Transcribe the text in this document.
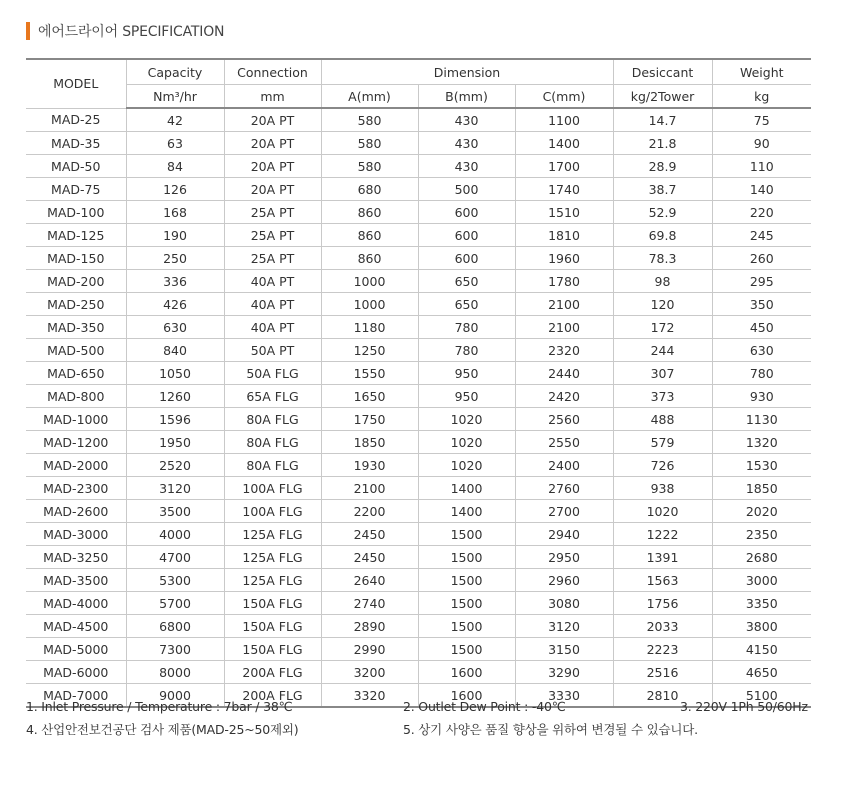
에어드라이어 SPECIFICATION
MODEL	Capacity	Connection	Dimension			Desiccant	Weight
	Nm³/hr	mm	A(mm)	B(mm)	C(mm)	kg/2Tower	kg
MAD-25	42	20A PT	580	430	1100	14.7	75
MAD-35	63	20A PT	580	430	1400	21.8	90
MAD-50	84	20A PT	580	430	1700	28.9	110
MAD-75	126	20A PT	680	500	1740	38.7	140
MAD-100	168	25A PT	860	600	1510	52.9	220
MAD-125	190	25A PT	860	600	1810	69.8	245
MAD-150	250	25A PT	860	600	1960	78.3	260
MAD-200	336	40A PT	1000	650	1780	98	295
MAD-250	426	40A PT	1000	650	2100	120	350
MAD-350	630	40A PT	1180	780	2100	172	450
MAD-500	840	50A PT	1250	780	2320	244	630
MAD-650	1050	50A FLG	1550	950	2440	307	780
MAD-800	1260	65A FLG	1650	950	2420	373	930
MAD-1000	1596	80A FLG	1750	1020	2560	488	1130
MAD-1200	1950	80A FLG	1850	1020	2550	579	1320
MAD-2000	2520	80A FLG	1930	1020	2400	726	1530
MAD-2300	3120	100A FLG	2100	1400	2760	938	1850
MAD-2600	3500	100A FLG	2200	1400	2700	1020	2020
MAD-3000	4000	125A FLG	2450	1500	2940	1222	2350
MAD-3250	4700	125A FLG	2450	1500	2950	1391	2680
MAD-3500	5300	125A FLG	2640	1500	2960	1563	3000
MAD-4000	5700	150A FLG	2740	1500	3080	1756	3350
MAD-4500	6800	150A FLG	2890	1500	3120	2033	3800
MAD-5000	7300	150A FLG	2990	1500	3150	2223	4150
MAD-6000	8000	200A FLG	3200	1600	3290	2516	4650
MAD-7000	9000	200A FLG	3320	1600	3330	2810	5100
1. Inlet Pressure / Temperature : 7bar / 38℃	2. Outlet Dew Point : -40℃	3. 220V 1Ph 50/60Hz
4. 산업안전보건공단 검사 제품(MAD-25~50제외)	5. 상기 사양은 품질 향상을 위하여 변경될 수 있습니다.
